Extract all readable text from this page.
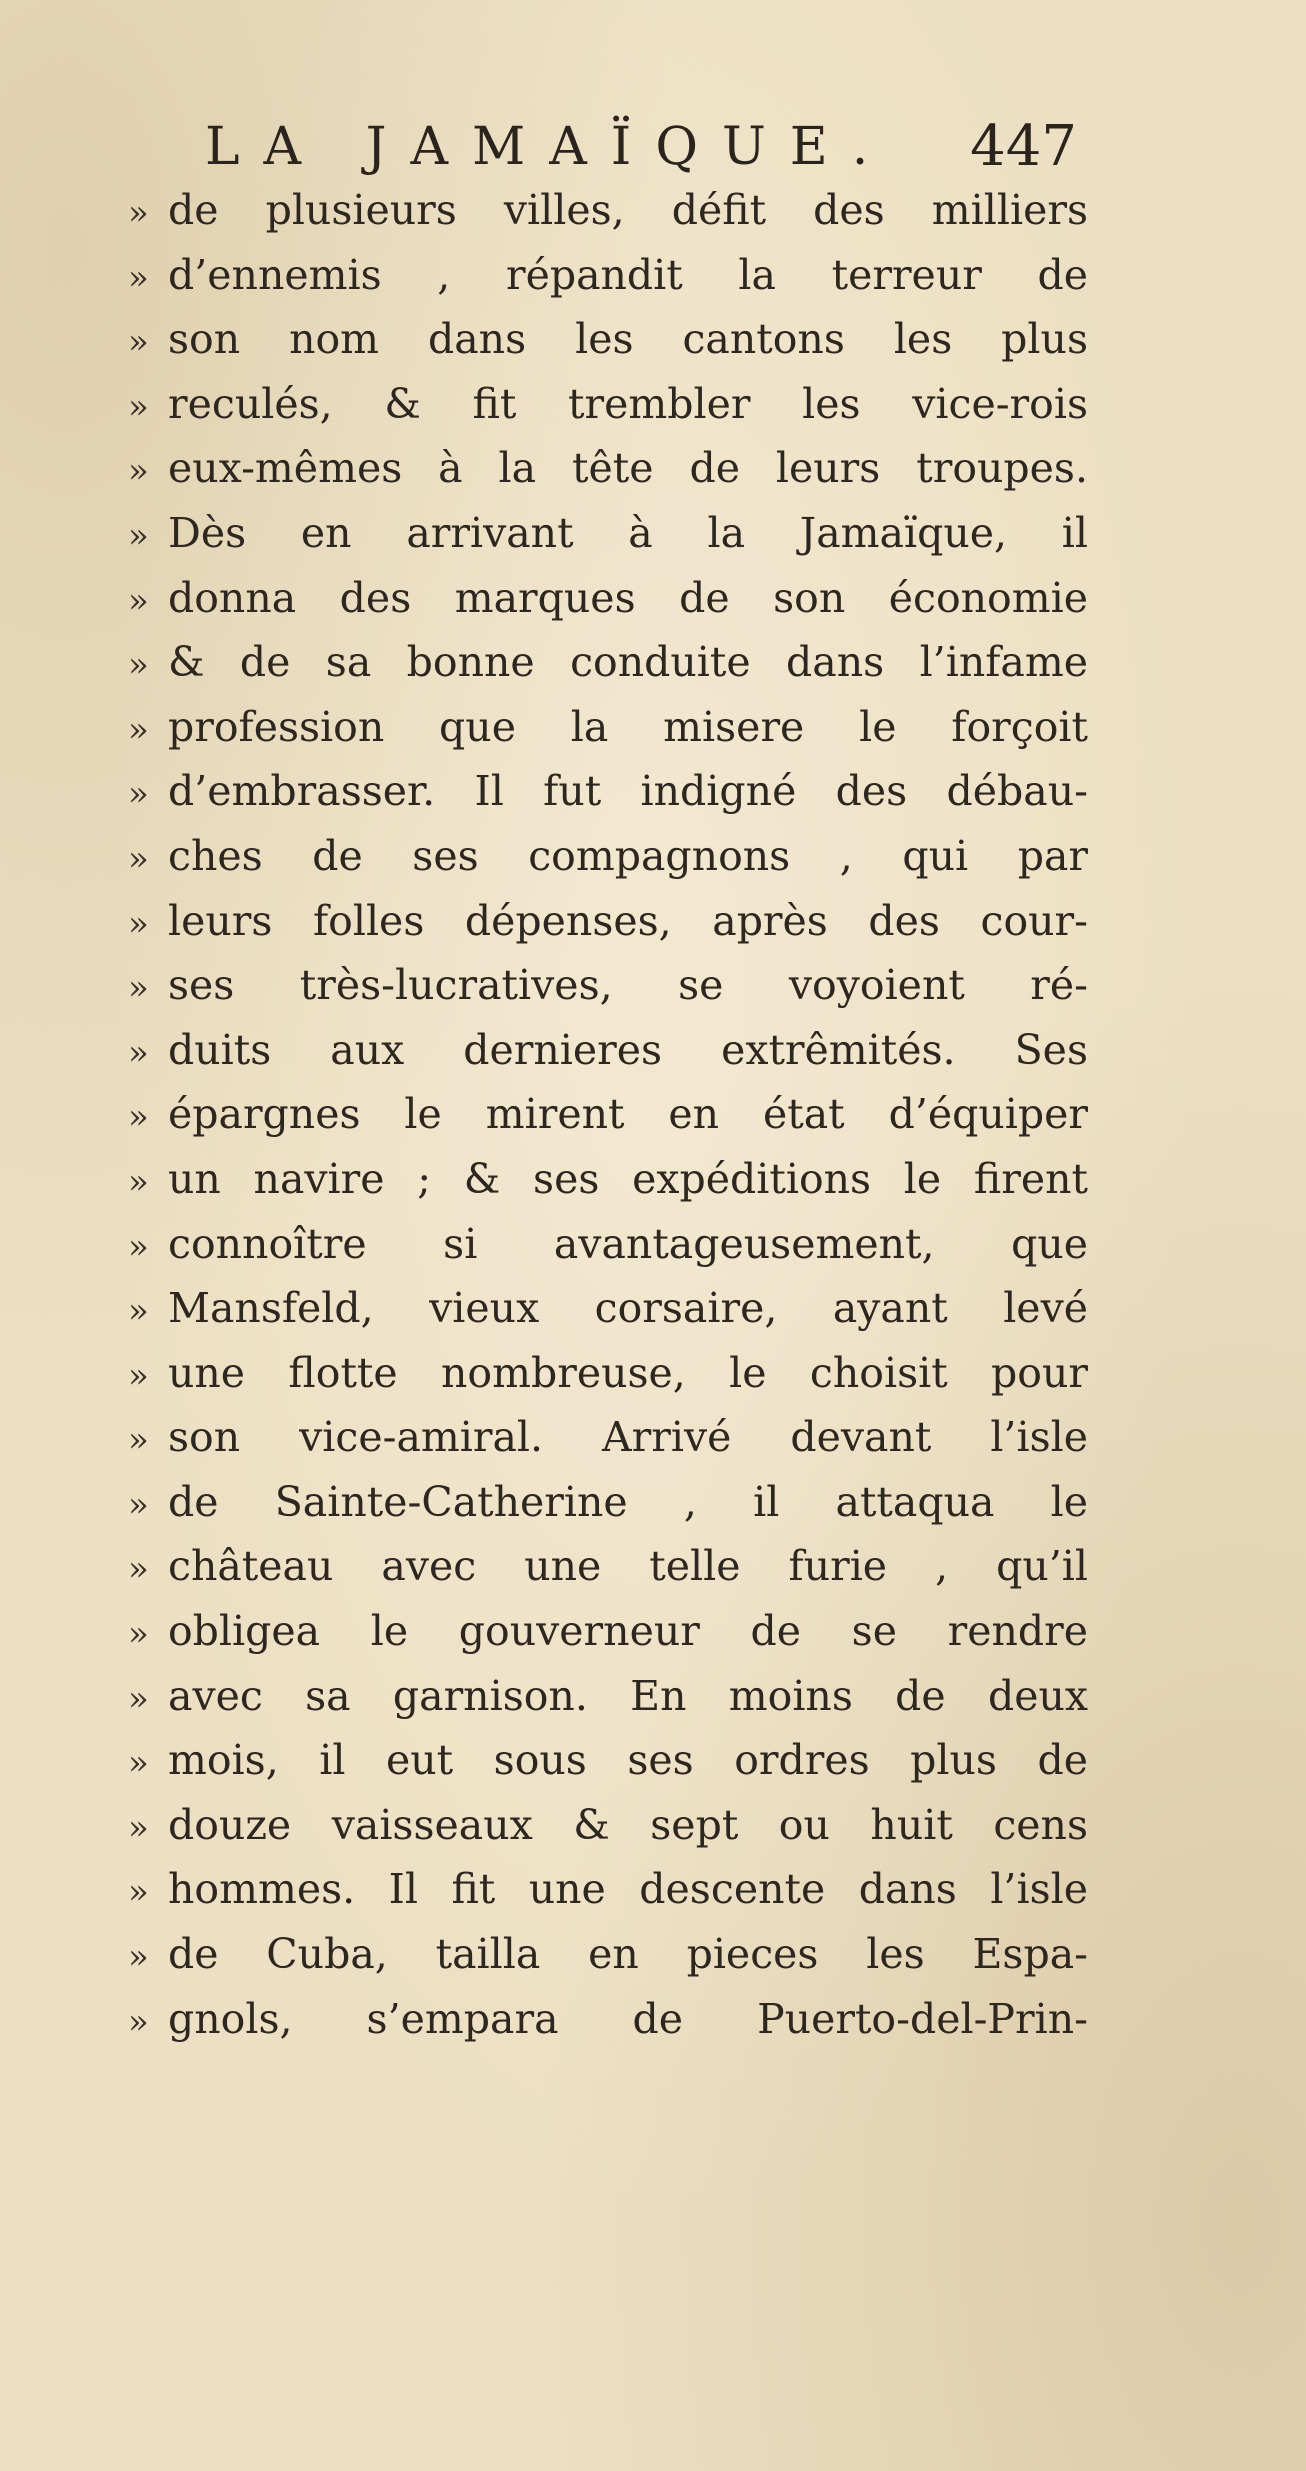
LA JAMAÏQUE. 447
» de plusieurs villes, défit des milliers
» d’ennemis , répandit la terreur de
» son nom dans les cantons les plus
» reculés, & fit trembler les vice-rois
» eux-mêmes à la tête de leurs troupes.
» Dès en arrivant à la Jamaïque, il
» donna des marques de son économie
» & de sa bonne conduite dans l’infame
» profession que la misere le forçoit
» d’embrasser. Il fut indigné des débau-
» ches de ses compagnons , qui par
» leurs folles dépenses, après des cour-
» ses très-lucratives, se voyoient ré-
» duits aux dernieres extrêmités. Ses
» épargnes le mirent en état d’équiper
» un navire ; & ses expéditions le firent
» connoître si avantageusement, que
» Mansfeld, vieux corsaire, ayant levé
» une flotte nombreuse, le choisit pour
» son vice-amiral. Arrivé devant l’isle
» de Sainte-Catherine , il attaqua le
» château avec une telle furie , qu’il
» obligea le gouverneur de se rendre
» avec sa garnison. En moins de deux
» mois, il eut sous ses ordres plus de
» douze vaisseaux & sept ou huit cens
» hommes. Il fit une descente dans l’isle
» de Cuba, tailla en pieces les Espa-
» gnols, s’empara de Puerto-del-Prin-
